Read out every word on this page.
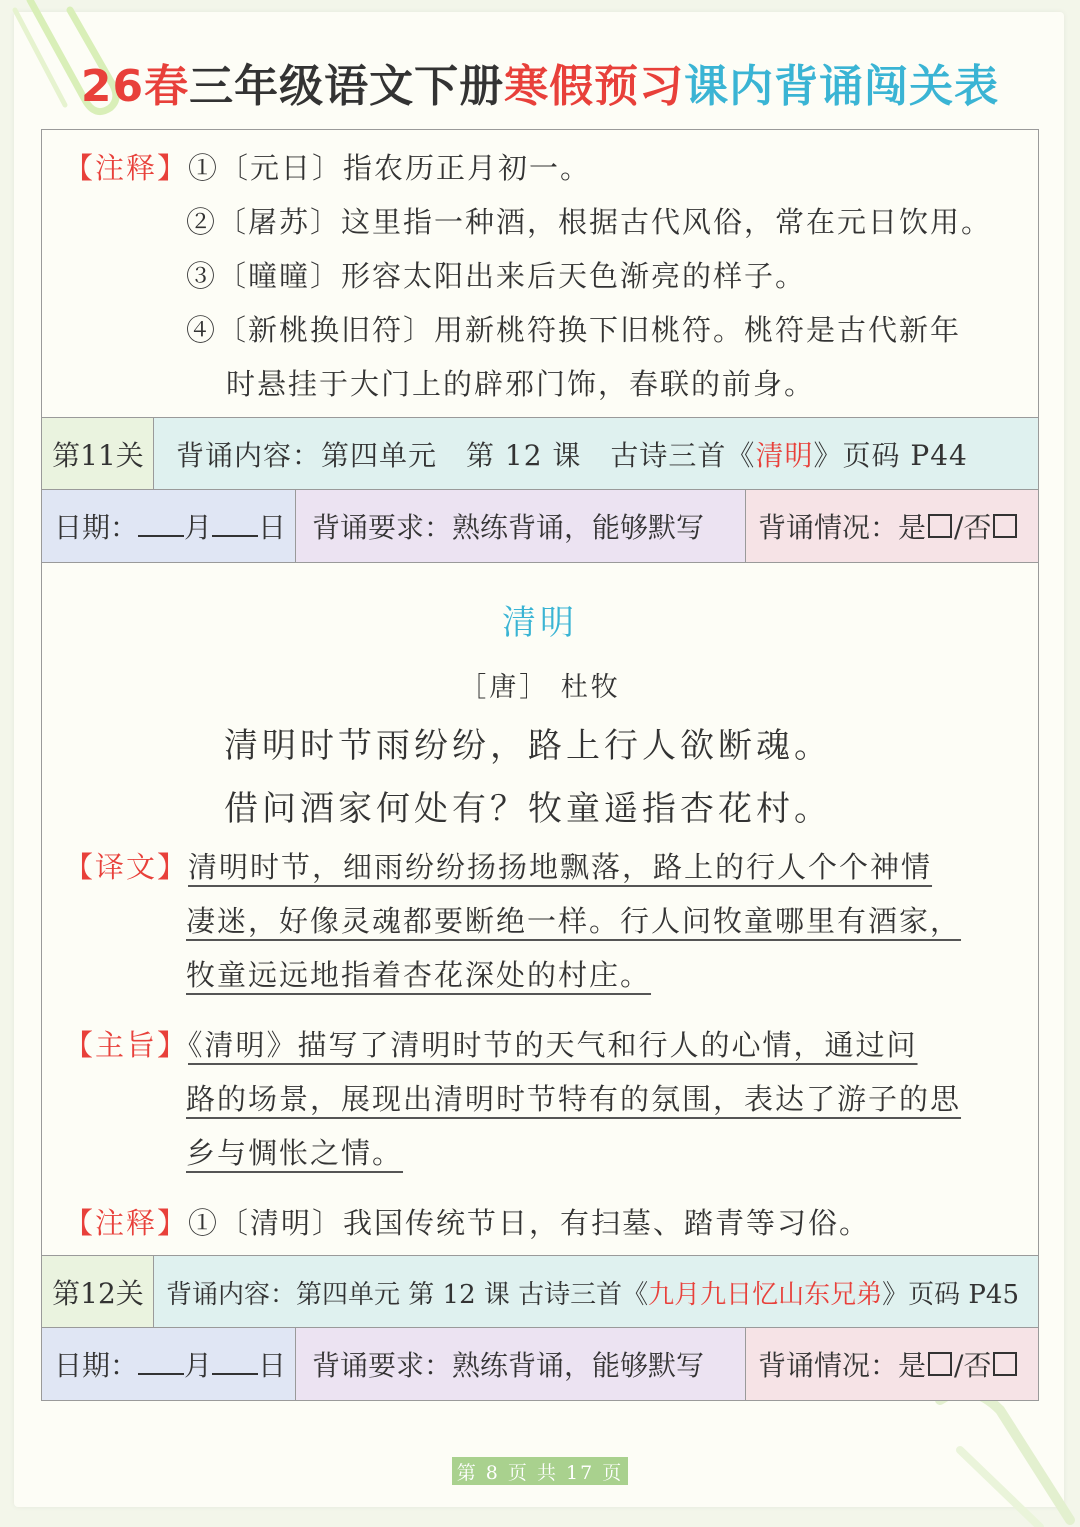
26春三年级语文下册寒假预习课内背诵闯关表
【注释】①〔元日〕指农历正月初一。
②〔屠苏〕这里指一种酒，根据古代风俗，常在元日饮用。
③〔曈曈〕形容太阳出来后天色渐亮的样子。
④〔新桃换旧符〕用新桃符换下旧桃符。桃符是古代新年
时悬挂于大门上的辟邪门饰，春联的前身。
第11关	背诵内容：第四单元　第 12 课　古诗三首《 清明 》页码 P44
日期： 月 日 背诵要求：熟练背诵，能够默写	背诵情况：是 /否
清明
［唐］ 杜牧
清明时节雨纷纷，路上行人欲断魂。
借问酒家何处有？牧童遥指杏花村。
【译文】清明时节，细雨纷纷扬扬地飘落，路上的行人个个神情
凄迷，好像灵魂都要断绝一样。行人问牧童哪里有酒家，
牧童远远地指着杏花深处的村庄。
【主旨】《清明》描写了清明时节的天气和行人的心情，通过问
路的场景，展现出清明时节特有的氛围，表达了游子的思
乡与惆怅之情。
【注释】①〔清明〕我国传统节日，有扫墓、踏青等习俗。
第12关 背诵内容：第四单元 第 12 课 古诗三首《 九月九日忆山东兄弟 》页码 P45
日期： 月 日 背诵要求：熟练背诵，能够默写	背诵情况：是 /否
第 8 页 共 17 页
